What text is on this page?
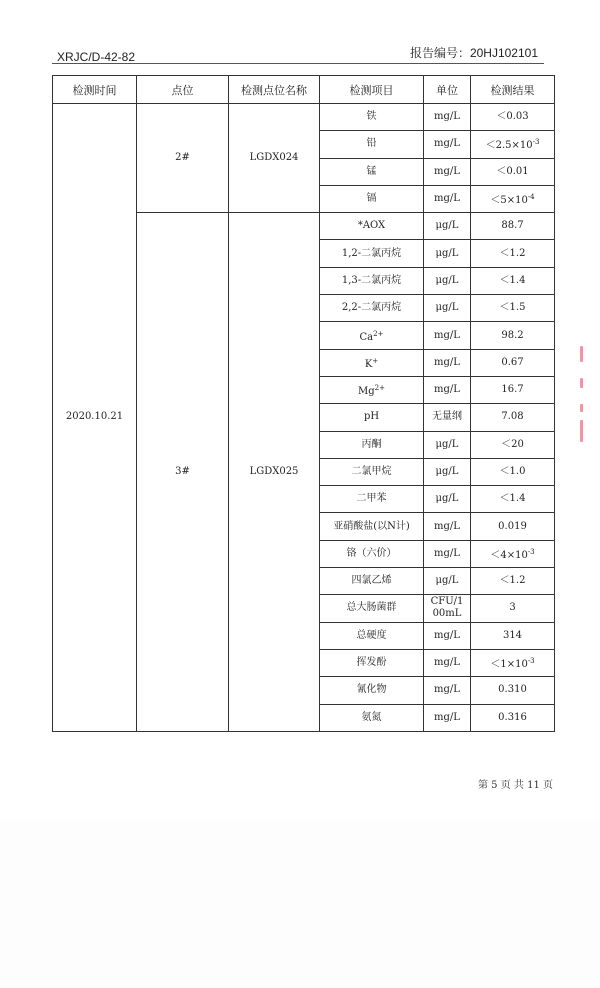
XRJC/D-42-82	报告编号：20HJ102101
检测时间	点位	检测点位名称	检测项目	单位	检测结果
2020.10.21	2#	LGDX024	铁	mg/L	＜0.03
			铅	mg/L	$<2.5\times 10^{-3}$
			锰	mg/L	＜0.01
			镉	mg/L	$<5\times 10^{-4}$
	3#	LGDX025	*AOX	μg/L	88.7
			1,2-二氯丙烷	μg/L	＜1.2
			1,3-二氯丙烷	μg/L	＜1.4
			2,2-二氯丙烷	μg/L	＜1.5
			$Ca^{2+}$	mg/L	98.2
			K+	mg/L	0.67
			$Mg^{2+}$	mg/L	16.7
			pH	无量纲	7.08
			丙酮	μg/L	＜20
			二氯甲烷	μg/L	＜1.0
			二甲苯	μg/L	＜1.4
			亚硝酸盐(以N计)	mg/L	0.019
			铬（六价）	mg/L	$<4\times 10^{-3}$
			四氯乙烯	μg/L	＜1.2
			总大肠菌群	CFU/100mL	3
			总硬度	mg/L	314
			挥发酚	mg/L	$<1\times 10^{-3}$
			氰化物	mg/L	0.310
			氨氮	mg/L	0.316
第 5 页 共 11 页
